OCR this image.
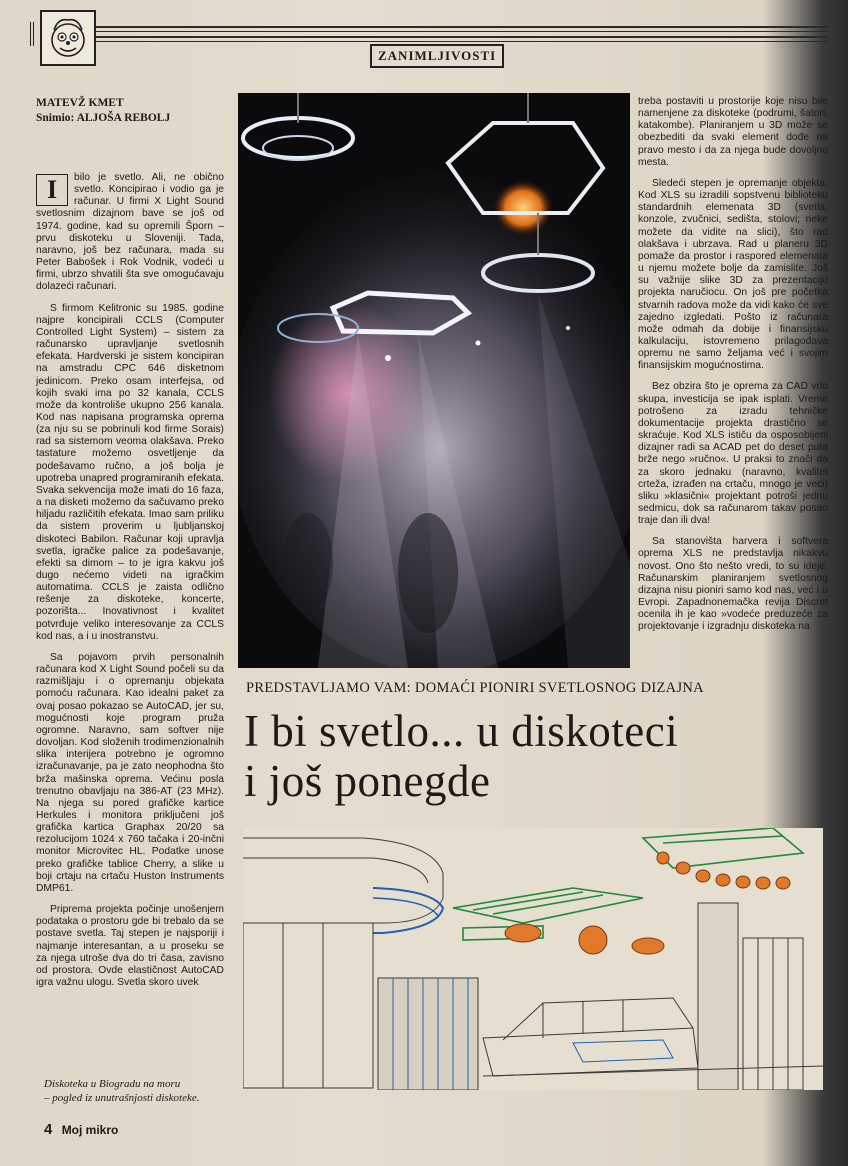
ZANIMLJIVOSTI
MATEVŽ KMET
Snimio: ALJOŠA REBOLJ

I	bilo je svetlo. Ali, ne obično svetlo. Koncipirao i vodio ga je računar. U firmi X Light Sound svetlosnim dizajnom bave se još od 1974. godine, kad su opremili Šporn – prvu diskoteku u Sloveniji. Tada, naravno, još bez računara, mada su Peter Babošek i Rok Vodnik, vodeći u firmi, ubrzo shvatili šta sve omogućavaju dolazeći računari.

S firmom Kelitronic su 1985. godine najpre koncipirali CCLS (Computer Controlled Light System) – sistem za računarsko upravljanje svetlosnih efekata. Hardverski je sistem koncipiran na amstradu CPC 646 disketnom jedinicom. Preko osam interfejsa, od kojih svaki ima po 32 kanala, CCLS može da kontroliše ukupno 256 kanala. Kod nas napisana programska oprema (za nju su se pobrinuli kod firme Sorais) rad sa sistemom veoma olakšava. Preko tastature možemo osvetljenje da podešavamo ručno, a još bolja je upotreba unapred programiranih efekata. Svaka sekvencija može imati do 16 faza, a na disketi možemo da sačuvamo preko hiljadu različitih efekata. Imao sam priliku da sistem proverim u ljubljanskoj diskoteci Babilon. Računar koji upravlja svetla, igračke palice za podešavanje, efekti sa dimom – to je igra kakvu još dugo nećemo videti na igračkim automatima. CCLS je zaista odlično rešenje za diskoteke, koncerte, pozorišta... Inovativnost i kvalitet potvrđuje veliko interesovanje za CCLS kod nas, a i u inostranstvu.

Sa pojavom prvih personalnih računara kod X Light Sound počeli su da razmišljaju i o opremanju objekata pomoću računara. Kao idealni paket za ovaj posao pokazao se AutoCAD, jer su, mogućnosti koje program pruža ogromne. Naravno, sam softver nije dovoljan. Kod složenih trodimenzionalnih slika interijera potrebno je ogromno izračunavanje, pa je zato neophodna što brža mašinska oprema. Većinu posla trenutno obavljaju na 386-AT (23 MHz). Na njega su pored grafičke kartice Herkules i monitora priključeni još grafička kartica Graphax 20/20 sa rezolucijom 1024 x 760 tačaka i 20-inčni monitor Microvitec HL. Podatke unose preko grafičke tablice Cherry, a slike u boji crtaju na crtaču Huston Instruments DMP61.

Priprema projekta počinje unošenjem podataka o prostoru gde bi trebalo da se postave svetla. Taj stepen je najsporiji i najmanje interesantan, a u proseku se za njega utroše dva do tri časa, zavisno od prostora. Ovde elastičnost AutoCAD igra važnu ulogu. Svetla skoro uvek

treba postaviti u prostorije koje nisu bile namenjene za diskoteke (podrumi, šatori, katakombe). Planiranjem u 3D može se obezbediti da svaki element dođe na pravo mesto i da za njega bude dovoljno mesta.

Sledeći stepen je opremanje objekta. Kod XLS su izradili sopstvenu biblioteku standardnih elemenata 3D (svetla, konzole, zvučnici, sedišta, stolovi; neke možete da vidite na slici), što rad olakšava i ubrzava. Rad u planeru 3D pomaže da prostor i raspored elemenata u njemu možete bolje da zamislite. Još su važnije slike 3D za prezentaciju projekta naručiocu. On još pre početka stvarnih radova može da vidi kako će sve zajedno izgledati. Pošto iz računara može odmah da dobije i finansijsku kalkulaciju, istovremeno prilagođava opremu ne samo željama već i svojim finansijskim mogućnostima.

Bez obzira što je oprema za CAD vrlo skupa, investicija se ipak isplati. Vreme potrošeno za izradu tehničke dokumentacije projekta drastično se skraćuje. Kod XLS ističu da osposobljeni dizajner radi sa ACAD pet do deset puta brže nego »ručno«. U praksi to znači da za skoro jednaku (naravno, kvalitet crteža, izrađen na crtaču, mnogo je veći) sliku »klasični« projektant potroši jednu sedmicu, dok sa računarom takav posao traje dan ili dva!

Sa stanovišta harvera i softvera oprema XLS ne predstavlja nikakvu novost. Ono što nešto vredi, to su ideje. Računarskim planiranjem svetlosnog dizajna nisu pioniri samo kod nas, već i u Evropi. Zapadnonemačka revija Discret ocenila ih je kao »vodeće preduzeće za projektovanje i izgradnju diskoteka na

PREDSTAVLJAMO VAM: DOMAĆI PIONIRI SVETLOSNOG DIZAJNA
I bi svetlo... u diskoteci
i još ponegde
Diskoteka u Biogradu na moru
– pogled iz unutrašnjosti diskoteke.
4 Moj mikro
